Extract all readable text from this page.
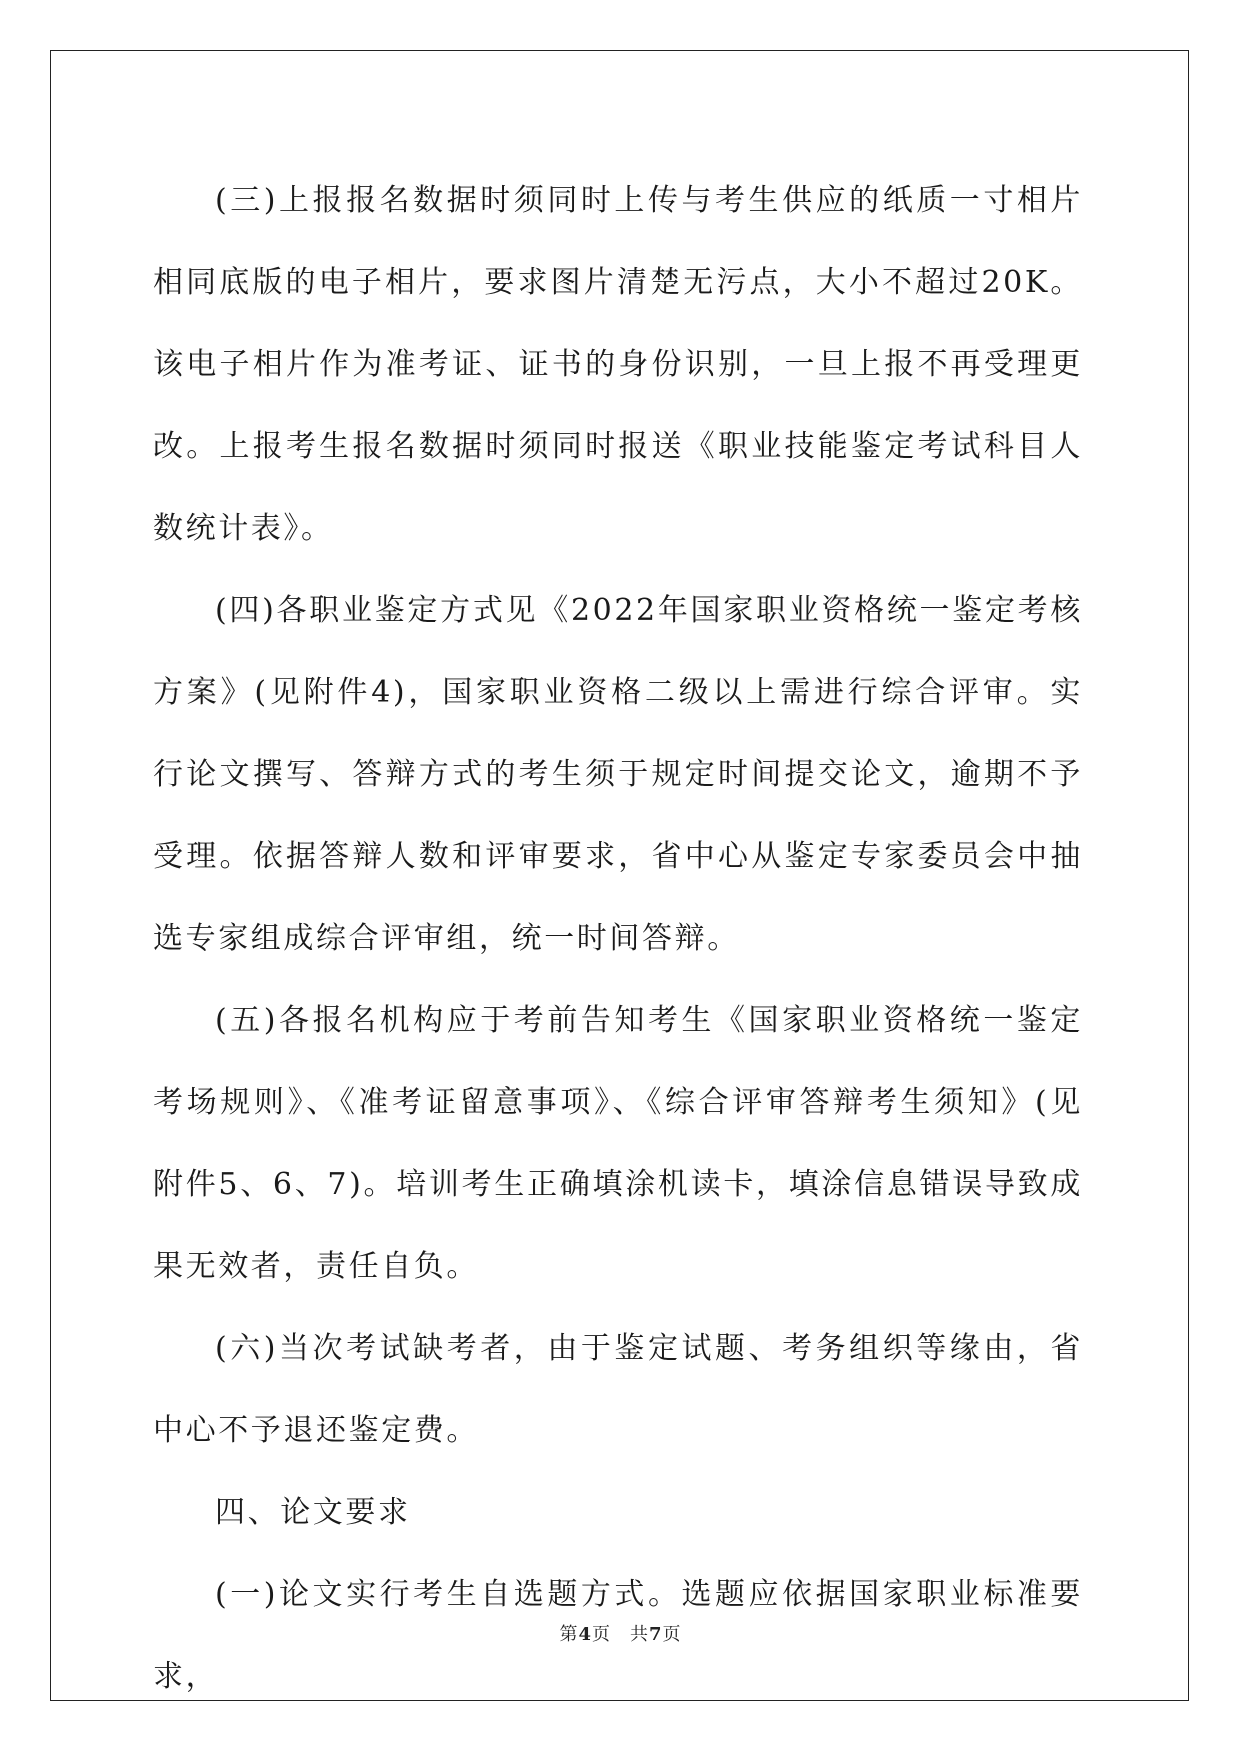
(三)上报报名数据时须同时上传与考生供应的纸质一寸相片相同底版的电子相片，要求图片清楚无污点，大小不超过20K。该电子相片作为准考证、证书的身份识别，一旦上报不再受理更改。上报考生报名数据时须同时报送《职业技能鉴定考试科目人数统计表》。

(四)各职业鉴定方式见《2022年国家职业资格统一鉴定考核方案》(见附件4)，国家职业资格二级以上需进行综合评审。实行论文撰写、答辩方式的考生须于规定时间提交论文，逾期不予受理。依据答辩人数和评审要求，省中心从鉴定专家委员会中抽选专家组成综合评审组，统一时间答辩。

(五)各报名机构应于考前告知考生《国家职业资格统一鉴定考场规则》、《准考证留意事项》、《综合评审答辩考生须知》(见附件5、6、7)。培训考生正确填涂机读卡，填涂信息错误导致成果无效者，责任自负。

(六)当次考试缺考者，由于鉴定试题、考务组织等缘由，省中心不予退还鉴定费。

四、论文要求

(一)论文实行考生自选题方式。选题应依据国家职业标准要求，

第4页　共7页
